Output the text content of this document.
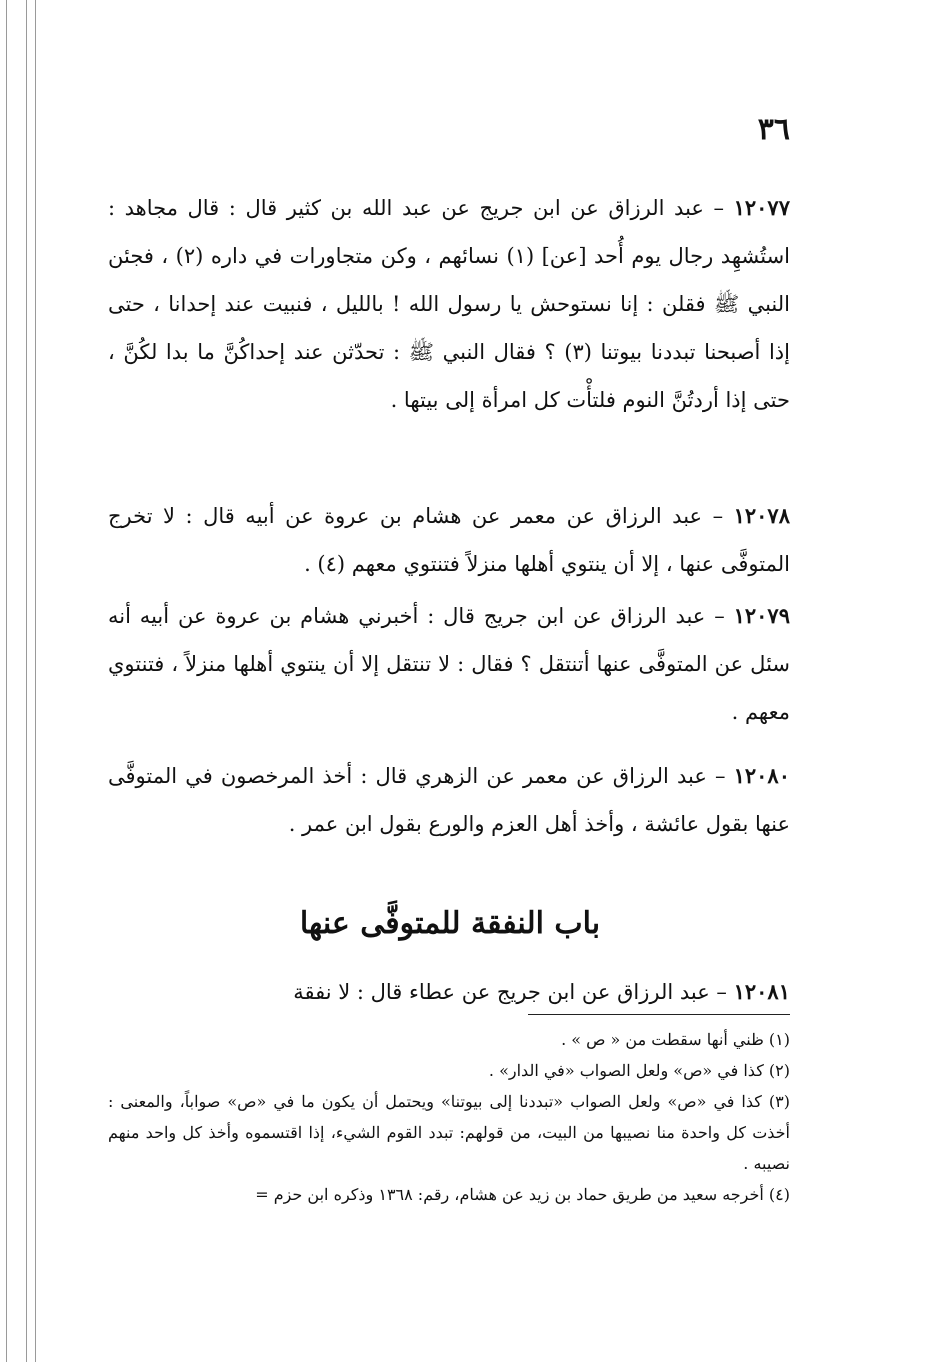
٣٦

١٢٠٧٧ – عبد الرزاق عن ابن جريج عن عبد الله بن كثير قال : قال مجاهد : استُشهِد رجال يوم أُحد [عن] (١) نسائهم ، وكن متجاورات في داره (٢) ، فجئن النبي ﷺ فقلن : إنا نستوحش يا رسول الله ! بالليل ، فنبيت عند إحدانا ، حتى إذا أصبحنا تبددنا بيوتنا (٣) ؟ فقال النبي ﷺ : تحدّثن عند إحداكُنَّ ما بدا لكُنَّ ، حتى إذا أردتُنَّ النوم فلتأْت كل امرأة إلى بيتها .

١٢٠٧٨ – عبد الرزاق عن معمر عن هشام بن عروة عن أبيه قال : لا تخرج المتوفَّى عنها ، إلا أن ينتوي أهلها منزلاً فتنتوي معهم (٤) .

١٢٠٧٩ – عبد الرزاق عن ابن جريج قال : أخبرني هشام بن عروة عن أبيه أنه سئل عن المتوفَّى عنها أتنتقل ؟ فقال : لا تنتقل إلا أن ينتوي أهلها منزلاً ، فتنتوي معهم .

١٢٠٨٠ – عبد الرزاق عن معمر عن الزهري قال : أخذ المرخصون في المتوفَّى عنها بقول عائشة ، وأخذ أهل العزم والورع بقول ابن عمر .

باب النفقة للمتوفَّى عنها

١٢٠٨١ – عبد الرزاق عن ابن جريج عن عطاء قال : لا نفقة

(١) ظني أنها سقطت من « ص » .

(٢) كذا في «ص» ولعل الصواب «في الدار» .

(٣) كذا في «ص» ولعل الصواب «تبددنا إلى بيوتنا» ويحتمل أن يكون ما في «ص» صواباً، والمعنى : أخذت كل واحدة منا نصيبها من البيت، من قولهم: تبدد القوم الشيء، إذا اقتسموه وأخذ كل واحد منهم نصيبه .

(٤) أخرجه سعيد من طريق حماد بن زيد عن هشام، رقم: ١٣٦٨ وذكره ابن حزم =
